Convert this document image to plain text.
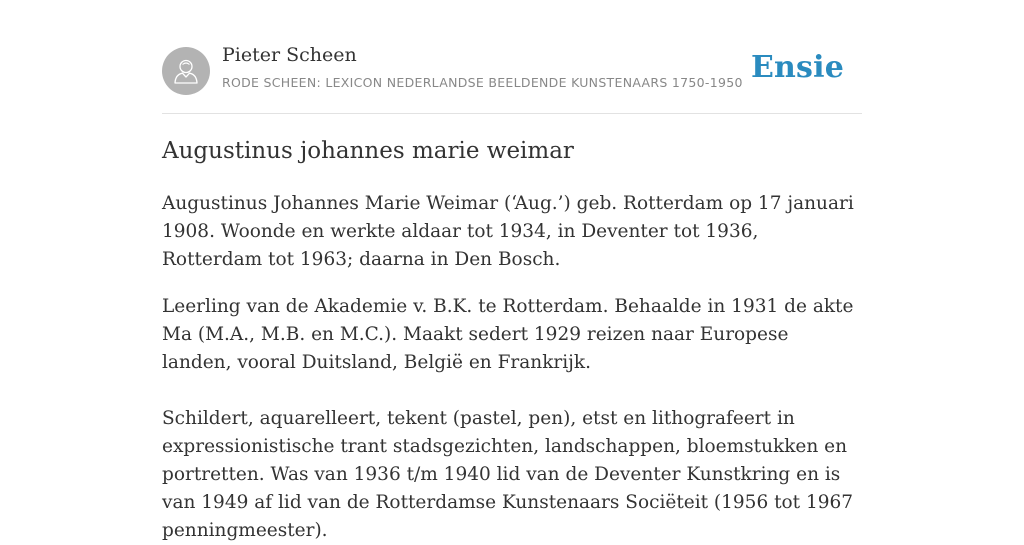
Pieter Scheen
RODE SCHEEN: LEXICON NEDERLANDSE BEELDENDE KUNSTENAARS 1750-1950 Ensie
Augustinus johannes marie weimar

Augustinus Johannes Marie Weimar (‘Aug.’) geb. Rotterdam op 17 januari 1908. Woonde en werkte aldaar tot 1934, in Deventer tot 1936, Rotterdam tot 1963; daarna in Den Bosch.

Leerling van de Akademie v. B.K. te Rotterdam. Behaalde in 1931 de akte Ma (M.A., M.B. en M.C.). Maakt sedert 1929 reizen naar Europese landen, vooral Duitsland, België en Frankrijk.

Schildert, aquarelleert, tekent (pastel, pen), etst en lithografeert in expressionistische trant stadsgezichten, landschappen, bloemstukken en portretten. Was van 1936 t/m 1940 lid van de Deventer Kunstkring en is van 1949 af lid van de Rotterdamse Kunstenaars Sociëteit (1956 tot 1967 penningmeester).
